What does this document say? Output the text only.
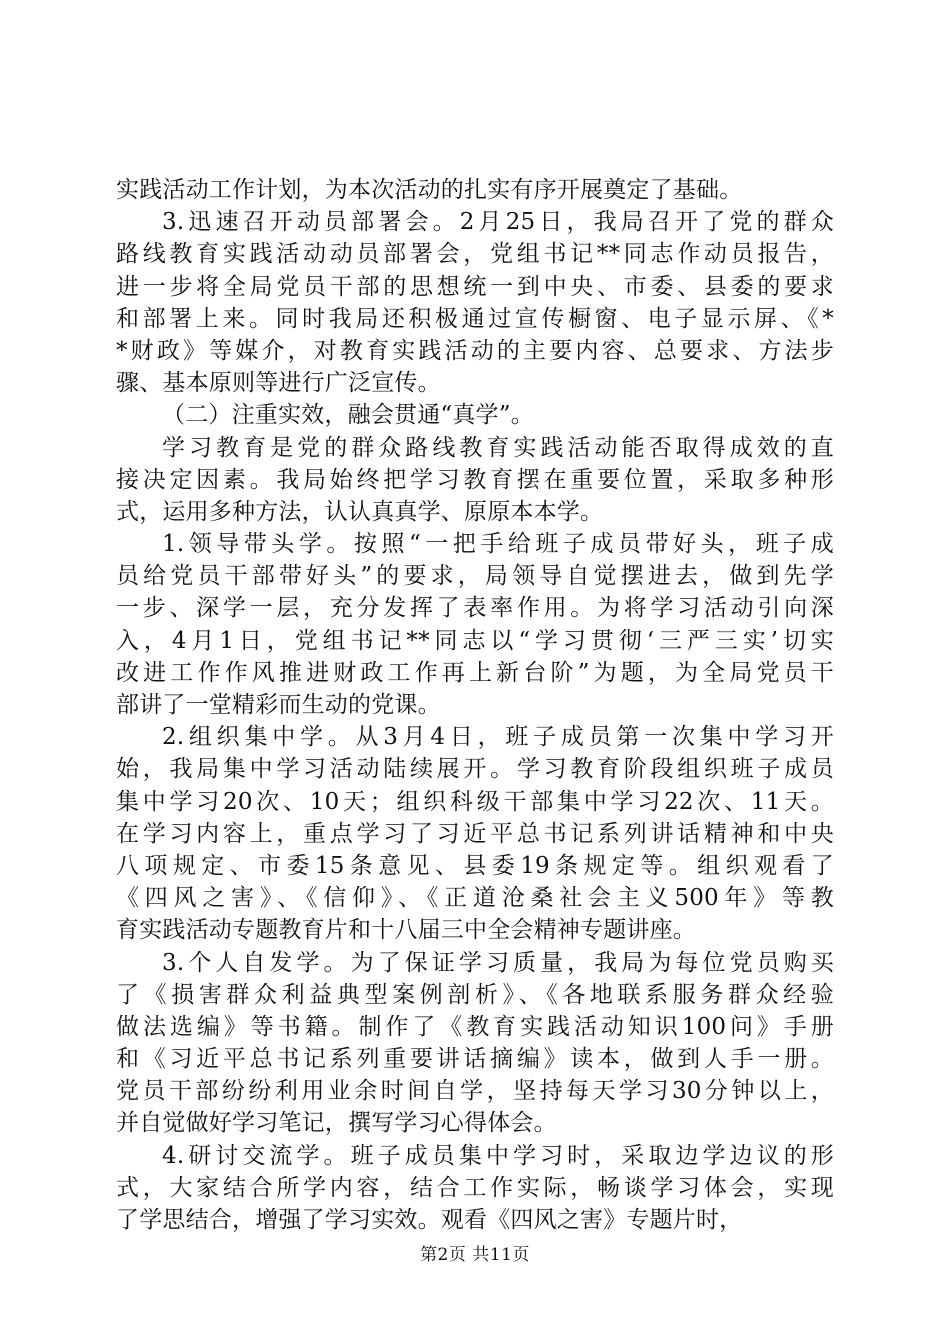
实践活动工作计划，为本次活动的扎实有序开展奠定了基础。
3.迅速召开动员部署会。2月25日，我局召开了党的群众
路线教育实践活动动员部署会，党组书记**同志作动员报告，
进一步将全局党员干部的思想统一到中央、市委、县委的要求
和部署上来。同时我局还积极通过宣传橱窗、电子显示屏、《*
*财政》等媒介，对教育实践活动的主要内容、总要求、方法步
骤、基本原则等进行广泛宣传。
（二）注重实效，融会贯通“真学”。
学习教育是党的群众路线教育实践活动能否取得成效的直
接决定因素。我局始终把学习教育摆在重要位置，采取多种形
式，运用多种方法，认认真真学、原原本本学。
1.领导带头学。按照“一把手给班子成员带好头，班子成
员给党员干部带好头”的要求，局领导自觉摆进去，做到先学
一步、深学一层，充分发挥了表率作用。为将学习活动引向深
入，4月1日，党组书记**同志以“学习贯彻‘三严三实’切实
改进工作作风推进财政工作再上新台阶”为题，为全局党员干
部讲了一堂精彩而生动的党课。
2.组织集中学。从3月4日，班子成员第一次集中学习开
始，我局集中学习活动陆续展开。学习教育阶段组织班子成员
集中学习20次、10天；组织科级干部集中学习22次、11天。
在学习内容上，重点学习了习近平总书记系列讲话精神和中央
八项规定、市委15条意见、县委19条规定等。组织观看了
《四风之害》、《信仰》、《正道沧桑社会主义500年》等教
育实践活动专题教育片和十八届三中全会精神专题讲座。
3.个人自发学。为了保证学习质量，我局为每位党员购买
了《损害群众利益典型案例剖析》、《各地联系服务群众经验
做法选编》等书籍。制作了《教育实践活动知识100问》手册
和《习近平总书记系列重要讲话摘编》读本，做到人手一册。
党员干部纷纷利用业余时间自学，坚持每天学习30分钟以上，
并自觉做好学习笔记，撰写学习心得体会。
4.研讨交流学。班子成员集中学习时，采取边学边议的形
式，大家结合所学内容，结合工作实际，畅谈学习体会，实现
了学思结合，增强了学习实效。观看《四风之害》专题片时，
第2页 共11页
